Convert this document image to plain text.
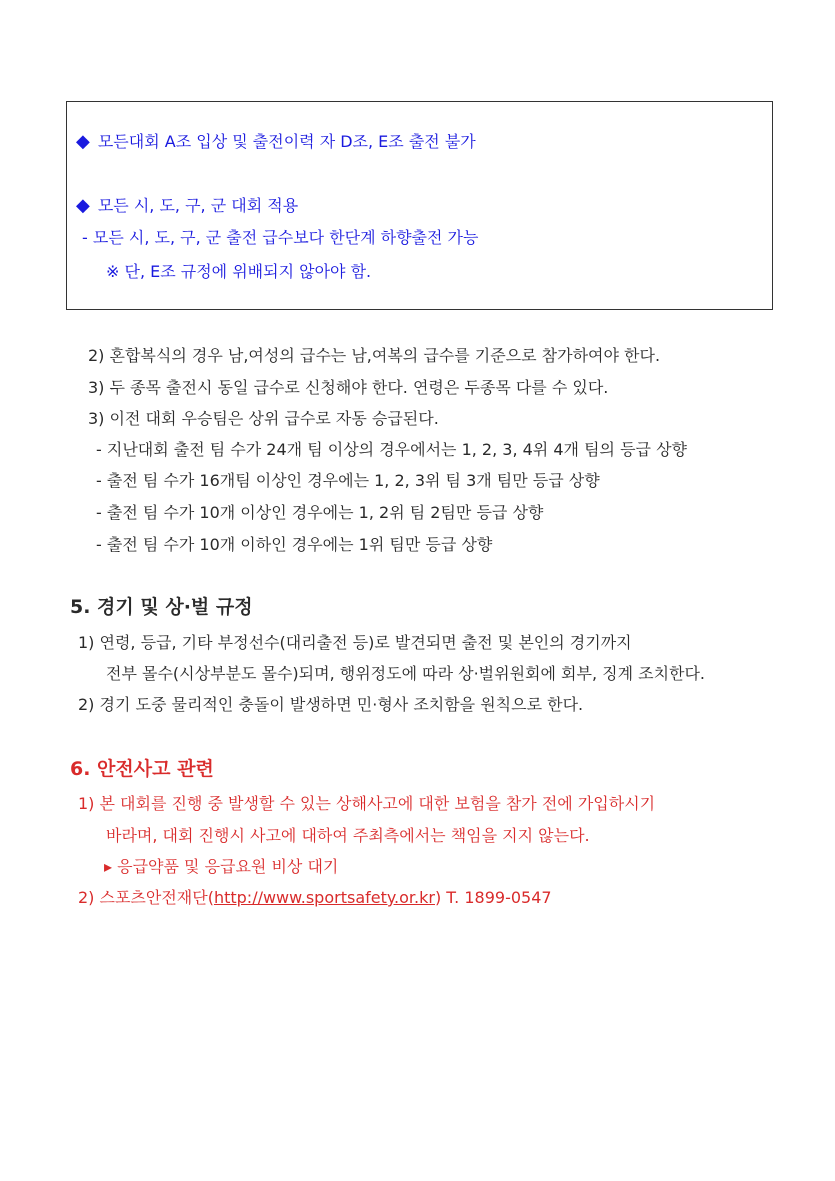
◆ 모든대회 A조 입상 및 출전이력 자 D조, E조 출전 불가
◆ 모든 시, 도, 구, 군 대회 적용
- 모든 시, 도, 구, 군 출전 급수보다 한단계 하향출전 가능
※ 단, E조 규정에 위배되지 않아야 함.
2) 혼합복식의 경우 남,여성의 급수는 남,여복의 급수를 기준으로 참가하여야 한다.
3) 두 종목 출전시 동일 급수로 신청해야 한다. 연령은 두종목 다를 수 있다.
3) 이전 대회 우승팀은 상위 급수로 자동 승급된다.
- 지난대회 출전 팀 수가 24개 팀 이상의 경우에서는 1, 2, 3, 4위 4개 팀의 등급 상향
- 출전 팀 수가 16개팀 이상인 경우에는 1, 2, 3위 팀 3개 팀만 등급 상향
- 출전 팀 수가 10개 이상인 경우에는 1, 2위 팀 2팀만 등급 상향
- 출전 팀 수가 10개 이하인 경우에는 1위 팀만 등급 상향
5. 경기 및 상·벌 규정
1) 연령, 등급, 기타 부정선수(대리출전 등)로 발견되면 출전 및 본인의 경기까지
전부 몰수(시상부분도 몰수)되며, 행위정도에 따라 상·벌위원회에 회부, 징계 조치한다.
2) 경기 도중 물리적인 충돌이 발생하면 민·형사 조치함을 원칙으로 한다.
6. 안전사고 관련
1) 본 대회를 진행 중 발생할 수 있는 상해사고에 대한 보험을 참가 전에 가입하시기
바라며, 대회 진행시 사고에 대하여 주최측에서는 책임을 지지 않는다.
▸ 응급약품 및 응급요원 비상 대기
2) 스포츠안전재단(http://www.sportsafety.or.kr) T. 1899-0547
